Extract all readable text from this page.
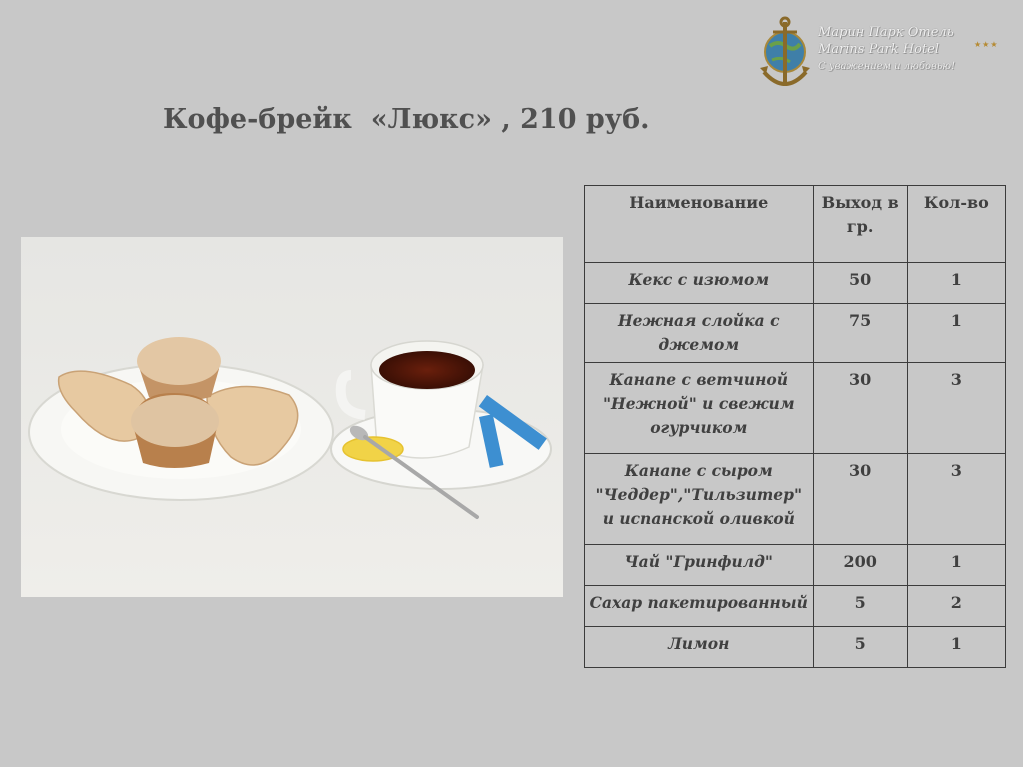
Марин Парк Отель
Marins Park Hotel
С уважением и любовью!
★★★
Кофе-брейк  «Люкс» , 210 руб.
Наименование	Выход в гр.	Кол-во
Кекс с изюмом	50	1
Нежная слойка с джемом	75	1
Канапе с ветчиной "Нежной" и свежим огурчиком	30	3
Канапе с сыром "Чеддер","Тильзитер" и испанской оливкой	30	3
Чай "Гринфилд"	200	1
Сахар пакетированный	5	2
Лимон	5	1
